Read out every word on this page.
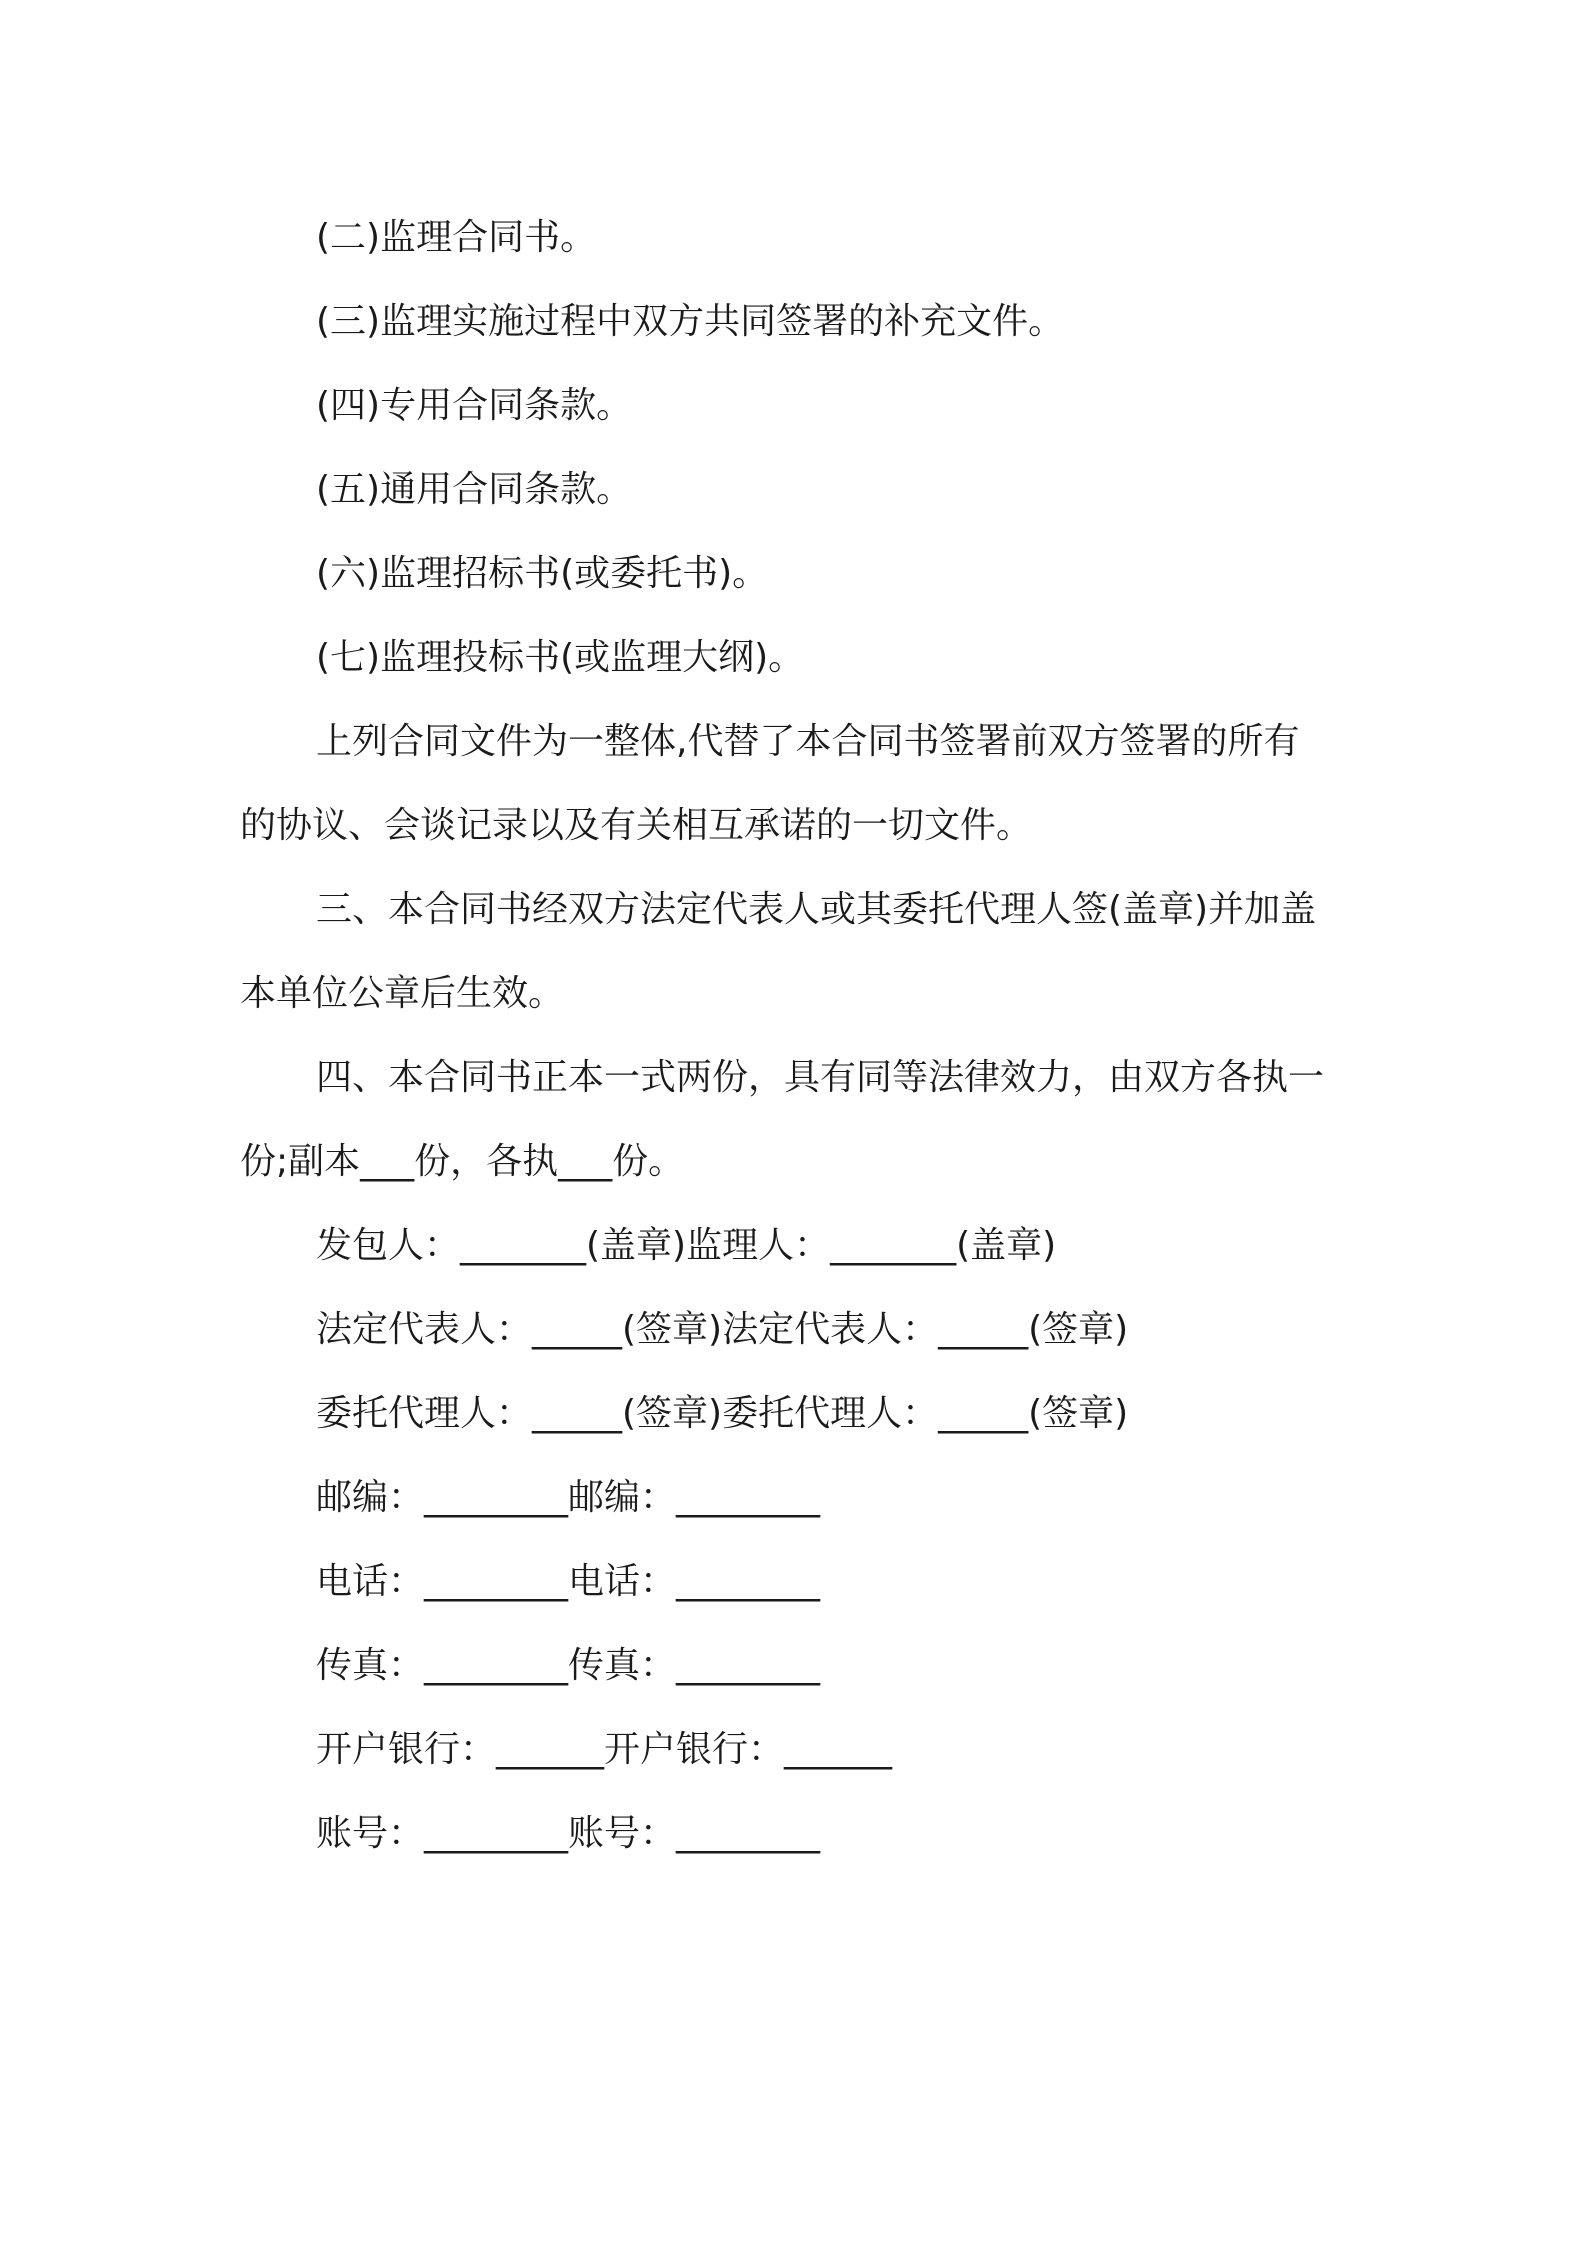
(二)监理合同书。

(三)监理实施过程中双方共同签署的补充文件。

(四)专用合同条款。

(五)通用合同条款。

(六)监理招标书(或委托书)。

(七)监理投标书(或监理大纲)。

上列合同文件为一整体,代替了本合同书签署前双方签署的所有

的协议、会谈记录以及有关相互承诺的一切文件。

三、本合同书经双方法定代表人或其委托代理人签(盖章)并加盖

本单位公章后生效。

四、本合同书正本一式两份，具有同等法律效力，由双方各执一

份;副本___份，各执___份。

发包人：_______(盖章)监理人：_______(盖章)

法定代表人：_____(签章)法定代表人：_____(签章)

委托代理人：_____(签章)委托代理人：_____(签章)

邮编：________邮编：________

电话：________电话：________

传真：________传真：________

开户银行：______开户银行：______

账号：________账号：________
